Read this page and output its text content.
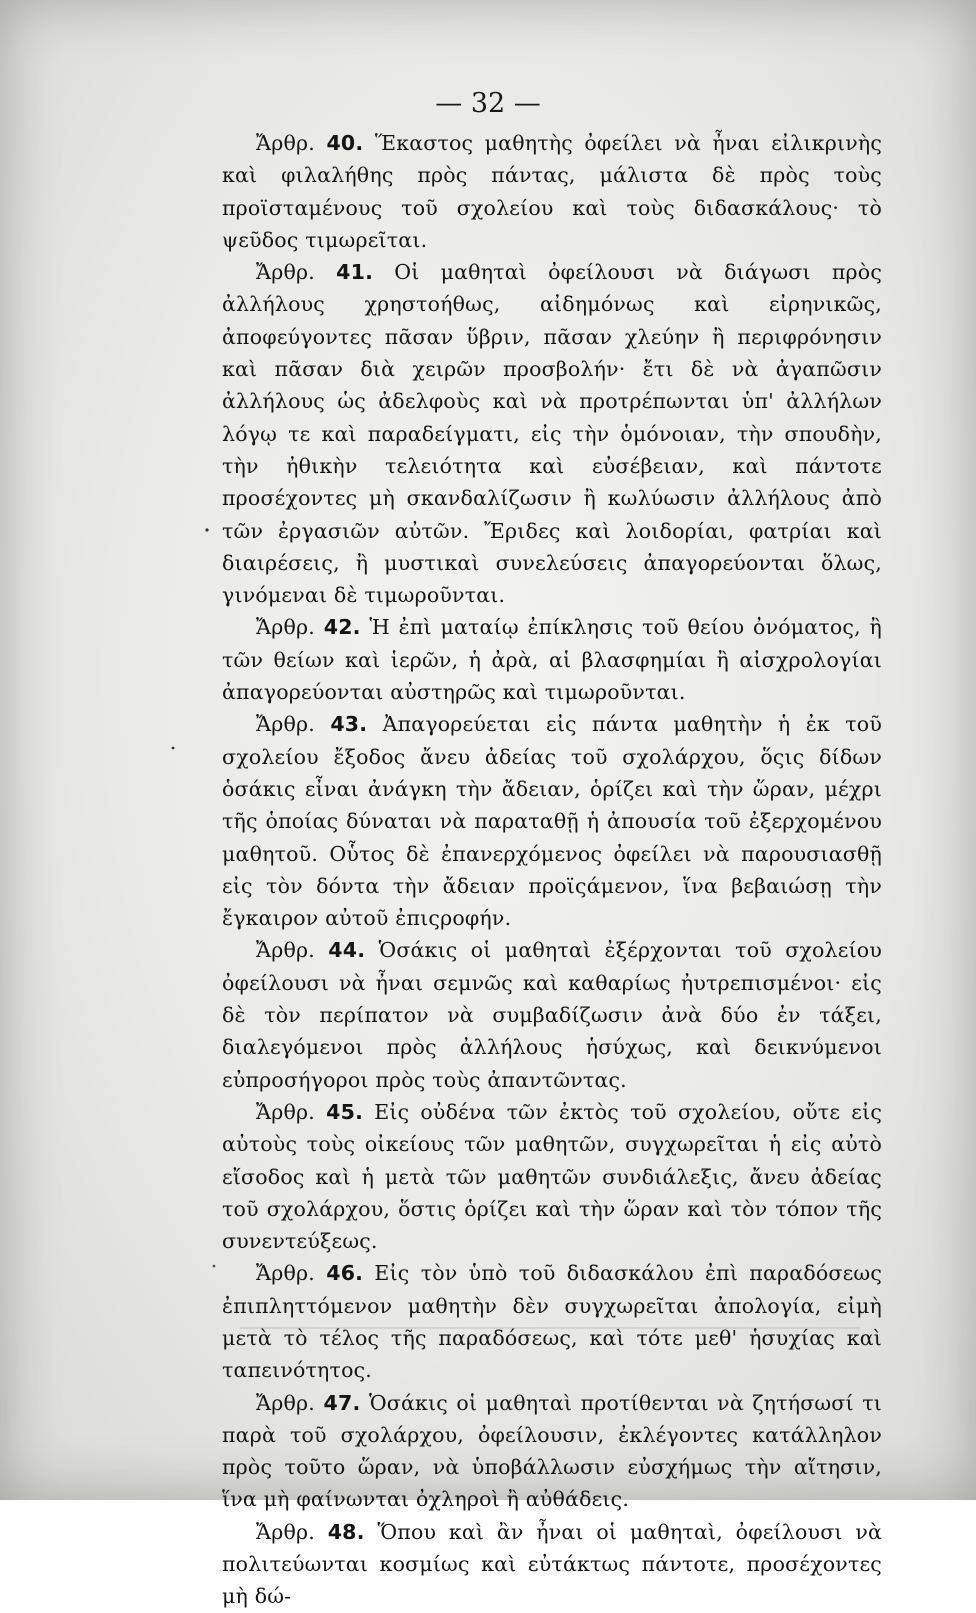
— 32 —

Ἄρθρ. 40. Ἕκαστος μαθητὴς ὀφείλει νὰ ἦναι εἰλικρινὴς καὶ φιλαλήθης πρὸς πάντας, μάλιστα δὲ πρὸς τοὺς προϊσταμένους τοῦ σχολείου καὶ τοὺς διδασκάλους· τὸ ψεῦδος τιμωρεῖται.

Ἄρθρ. 41. Οἱ μαθηταὶ ὀφείλουσι νὰ διάγωσι πρὸς ἀλλήλους χρηστοήθως, αἰδημόνως καὶ εἰρηνικῶς, ἀποφεύγοντες πᾶσαν ὕβριν, πᾶσαν χλεύην ἢ περιφρόνησιν καὶ πᾶσαν διὰ χειρῶν προσβολήν· ἔτι δὲ νὰ ἀγαπῶσιν ἀλλήλους ὡς ἀδελφοὺς καὶ νὰ προτρέπωνται ὑπ' ἀλλήλων λόγῳ τε καὶ παραδείγματι, εἰς τὴν ὁμόνοιαν, τὴν σπουδὴν, τὴν ἠθικὴν τελειότητα καὶ εὐσέβειαν, καὶ πάντοτε προσέχοντες μὴ σκανδαλίζωσιν ἢ κωλύωσιν ἀλλήλους ἀπὸ τῶν ἐργασιῶν αὐτῶν. Ἔριδες καὶ λοιδορίαι, φατρίαι καὶ διαιρέσεις, ἢ μυστικαὶ συνελεύσεις ἀπαγορεύονται ὅλως, γινόμεναι δὲ τιμωροῦνται.

Ἄρθρ. 42. Ἡ ἐπὶ ματαίῳ ἐπίκλησις τοῦ θείου ὀνόματος, ἢ τῶν θείων καὶ ἱερῶν, ἡ ἀρὰ, αἱ βλασφημίαι ἢ αἰσχρολογίαι ἀπαγορεύονται αὐστηρῶς καὶ τιμωροῦνται.

Ἄρθρ. 43. Ἀπαγορεύεται εἰς πάντα μαθητὴν ἡ ἐκ τοῦ σχολείου ἔξοδος ἄνευ ἀδείας τοῦ σχολάρχου, ὅςις δίδων ὁσάκις εἶναι ἀνάγκη τὴν ἄδειαν, ὁρίζει καὶ τὴν ὥραν, μέχρι τῆς ὁποίας δύναται νὰ παραταθῇ ἡ ἀπουσία τοῦ ἐξερχομένου μαθητοῦ. Οὗτος δὲ ἐπανερχόμενος ὀφείλει νὰ παρουσιασθῇ εἰς τὸν δόντα τὴν ἄδειαν προϊςάμενον, ἵνα βεβαιώσῃ τὴν ἔγκαιρον αὐτοῦ ἐπιςροφήν.

Ἄρθρ. 44. Ὁσάκις οἱ μαθηταὶ ἐξέρχονται τοῦ σχολείου ὀφείλουσι νὰ ἦναι σεμνῶς καὶ καθαρίως ἠυτρεπισμένοι· εἰς δὲ τὸν περίπατον νὰ συμβαδίζωσιν ἀνὰ δύο ἐν τάξει, διαλεγόμενοι πρὸς ἀλλήλους ἡσύχως, καὶ δεικνύμενοι εὐπροσήγοροι πρὸς τοὺς ἀπαντῶντας.

Ἄρθρ. 45. Εἰς οὐδένα τῶν ἐκτὸς τοῦ σχολείου, οὔτε εἰς αὐτοὺς τοὺς οἰκείους τῶν μαθητῶν, συγχωρεῖται ἡ εἰς αὐτὸ εἴσοδος καὶ ἡ μετὰ τῶν μαθητῶν συνδιάλεξις, ἄνευ ἀδείας τοῦ σχολάρχου, ὅστις ὁρίζει καὶ τὴν ὥραν καὶ τὸν τόπον τῆς συνεντεύξεως.

Ἄρθρ. 46. Εἰς τὸν ὑπὸ τοῦ διδασκάλου ἐπὶ παραδόσεως ἐπιπληττόμενον μαθητὴν δὲν συγχωρεῖται ἀπολογία, εἰμὴ μετὰ τὸ τέλος τῆς παραδόσεως, καὶ τότε μεθ' ἡσυχίας καὶ ταπεινότητος.

Ἄρθρ. 47. Ὁσάκις οἱ μαθηταὶ προτίθενται νὰ ζητήσωσί τι παρὰ τοῦ σχολάρχου, ὀφείλουσιν, ἐκλέγοντες κατάλληλον πρὸς τοῦτο ὥραν, νὰ ὑποβάλλωσιν εὐσχήμως τὴν αἴτησιν, ἵνα μὴ φαίνωνται ὀχληροὶ ἢ αὐθάδεις.

Ἄρθρ. 48. Ὅπου καὶ ἂν ἦναι οἱ μαθηταὶ, ὀφείλουσι νὰ πολιτεύωνται κοσμίως καὶ εὐτάκτως πάντοτε, προσέχοντες μὴ δώ-
